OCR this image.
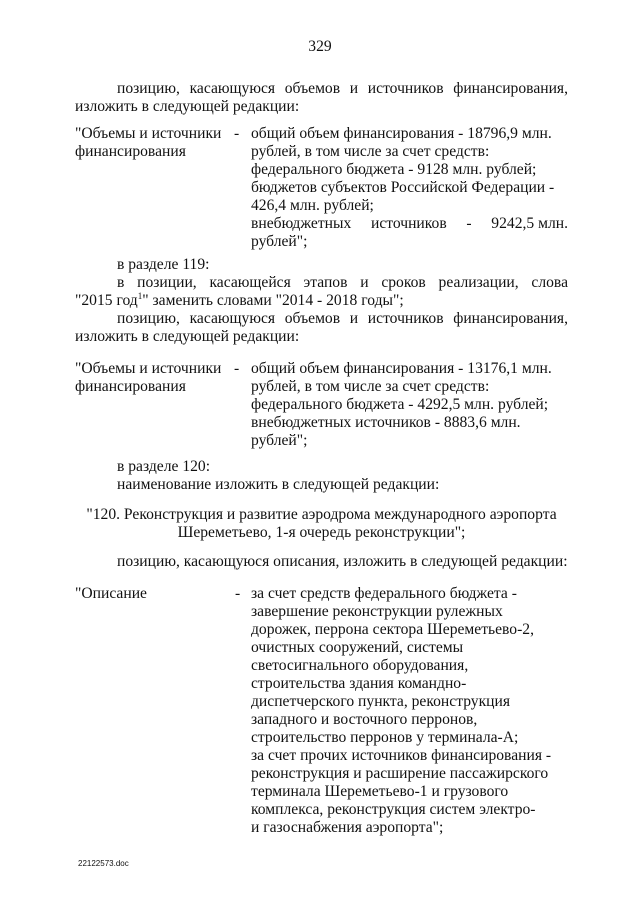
329
позицию, касающуюся объемов и источников финансирования,
изложить в следующей редакции:
"Объемы и источники
финансирования
- общий объем финансирования - 18796,9 млн.
рублей, в том числе за счет средств:
федерального бюджета - 9128 млн. рублей;
бюджетов субъектов Российской Федерации -
426,4 млн. рублей;
внебюджетных источников - 9242,5 млн.
рублей";
в разделе 119:
в позиции, касающейся этапов и сроков реализации, слова
"2015 год$^1$" заменить словами "2014 - 2018 годы";
позицию, касающуюся объемов и источников финансирования,
изложить в следующей редакции:
"Объемы и источники
финансирования
- общий объем финансирования - 13176,1 млн.
рублей, в том числе за счет средств:
федерального бюджета - 4292,5 млн. рублей;
внебюджетных источников - 8883,6 млн.
рублей";
в разделе 120:
наименование изложить в следующей редакции:
"120. Реконструкция и развитие аэродрома международного аэропорта
Шереметьево, 1-я очередь реконструкции";
позицию, касающуюся описания, изложить в следующей редакции:
"Описание	- за счет средств федерального бюджета -
завершение реконструкции рулежных
дорожек, перрона сектора Шереметьево-2,
очистных сооружений, системы
светосигнального оборудования,
строительства здания командно-
диспетчерского пункта, реконструкция
западного и восточного перронов,
строительство перронов у терминала-А;
за счет прочих источников финансирования -
реконструкция и расширение пассажирского
терминала Шереметьево-1 и грузового
комплекса, реконструкция систем электро-
и газоснабжения аэропорта";
22122573.doc
